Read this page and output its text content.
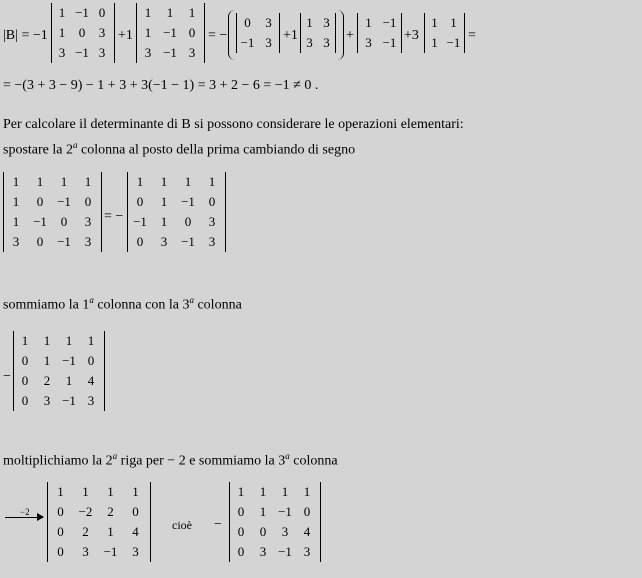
|B| = −1
1	−1	0
1	0	3
3	−1	3
+1
1	1	1
1	−1	0
3	−1	3
= −
0	3
−1	3 +1
1	3
3	3 +
1	−1
3	−1 +3
1	1
1	−1 =
= −(3 + 3 − 9) − 1 + 3 + 3(−1 − 1) = 3 + 2 − 6 = −1 ≠ 0 .
Per calcolare il determinante di B si possono considerare le operazioni elementari:
spostare la 2$^a$ colonna al posto della prima cambiando di segno
1	1	1	1
1	0	−1	0
1	−1	0	3
3	0	−1	3
= −
1	1	1	1
0	1	−1	0
−1	1	0	3
0	3	−1	3
sommiamo la 1$^a$ colonna con la 3$^a$ colonna
−
1	1	1	1
0	1	−1	0
0	2	1	4
0	3	−1	3
moltiplichiamo la 2$^a$ riga per − 2 e sommiamo la 3$^a$ colonna
−2
1	1	1	1
0	−2	2	0
0	2	1	4
0	3	−1	3
cioè −
1	1	1	1
0	1	−1	0
0	0	3	4
0	3	−1	3
